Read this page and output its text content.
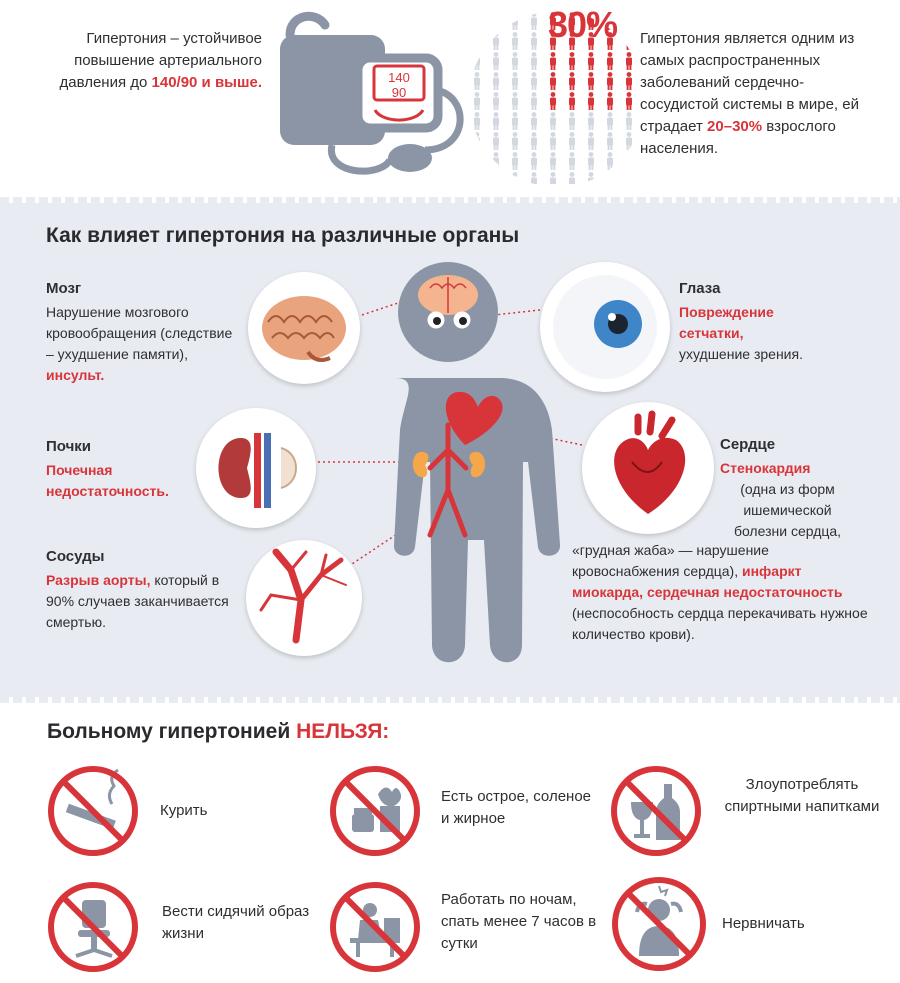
Гипертония – устойчивое повышение артериального давления до 140/90 и выше.	140
90
30% Гипертония является одним из самых распространенных заболеваний сердечно-сосудистой системы в мире, ей страдает 20–30% взрослого населения.
Как влияет гипертония на различные органы
Мозг
Нарушение мозгового кровообращения (следствие – ухудшение памяти), инсульт.
Почки
Почечная недостаточность.
Сосуды
Разрыв аорты, который в 90% случаев заканчивается смертью.
Глаза
Повреждение сетчатки,
ухудшение зрения.
Сердце
Стенокардия
(одна из форм ишемической болезни сердца,
«грудная жаба» — нарушение кровоснабжения сердца), инфаркт миокарда, сердечная недостаточность (неспособность сердца перекачивать нужное количество крови).
Больному гипертонией НЕЛЬЗЯ:
Курить
Есть острое, соленое и жирное
Злоупотреблять спиртными напитками
Вести сидячий образ жизни
Работать по ночам, спать менее 7 часов в сутки
Нервничать
